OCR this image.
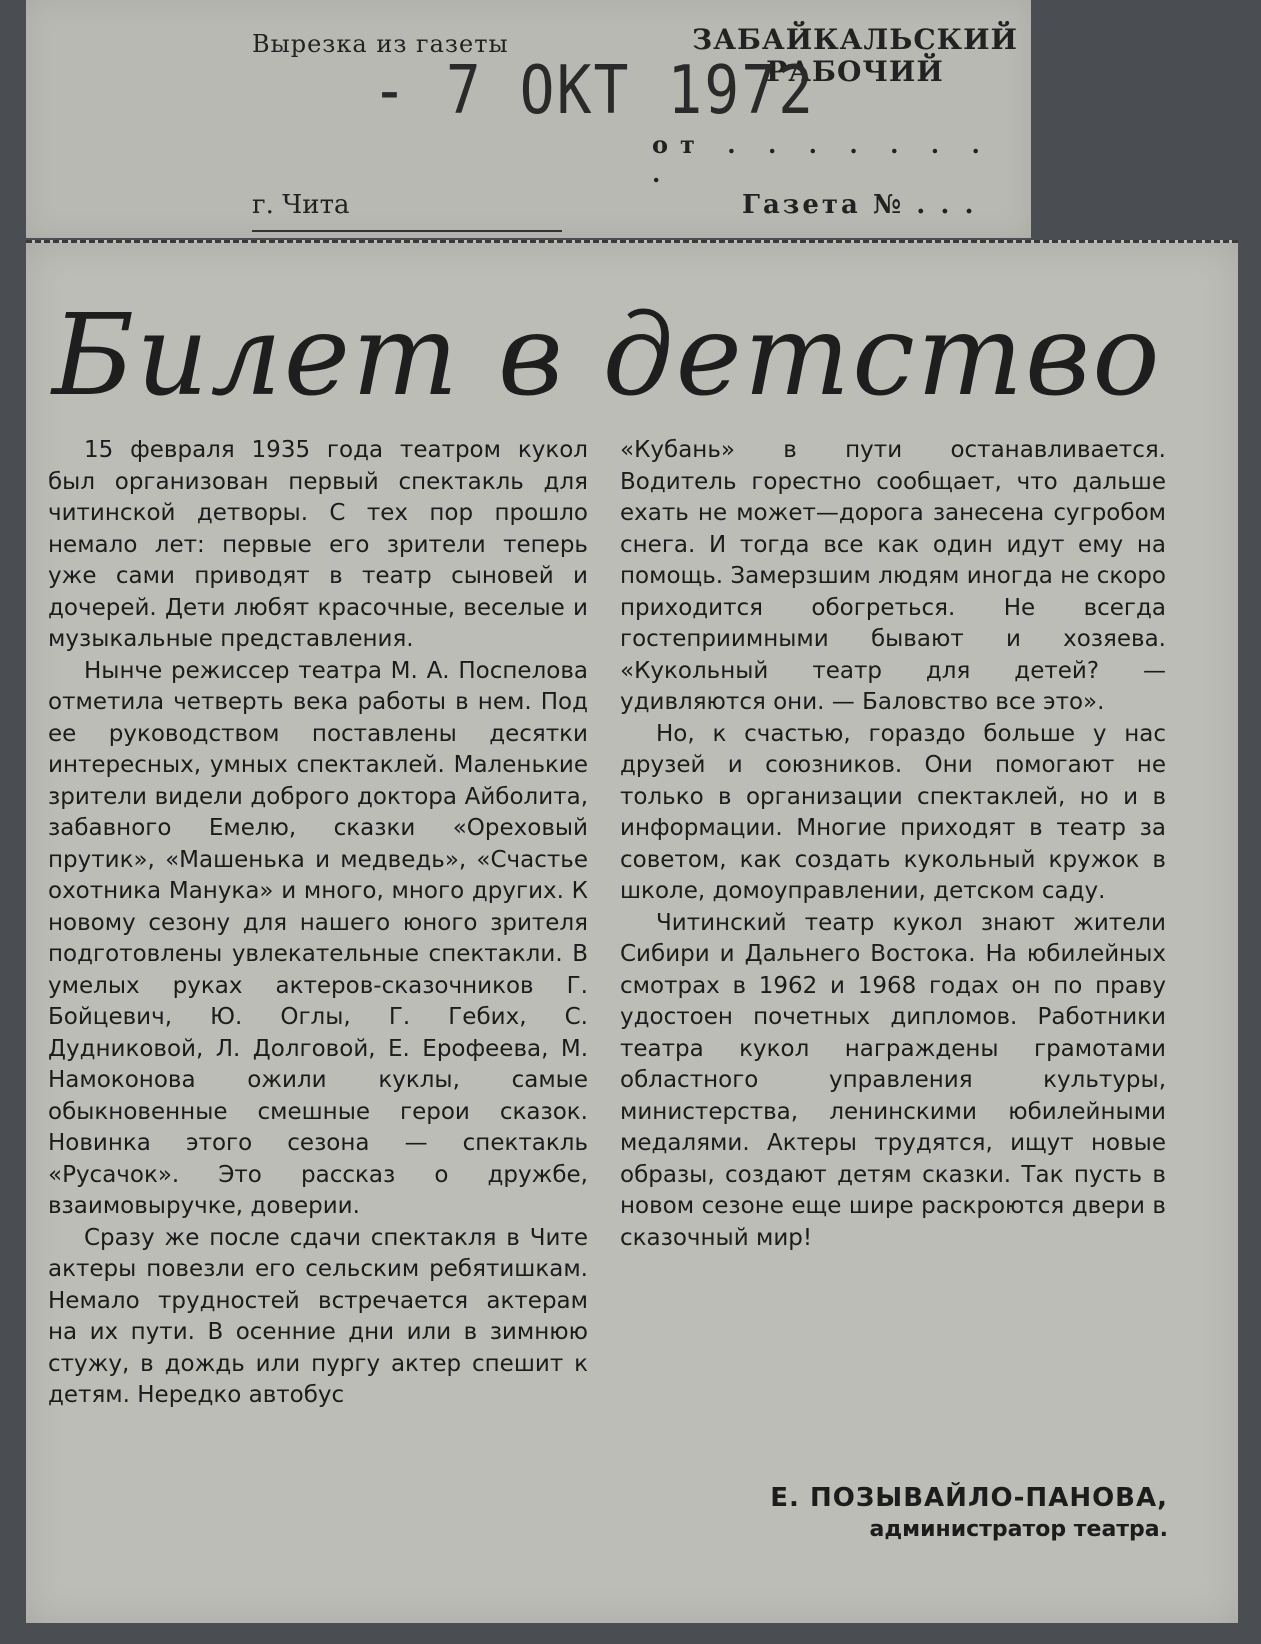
Вырезка из газеты	ЗАБАЙКАЛЬСКИЙ
РАБОЧИЙ
- 7 ОКТ 1972
от . . . . . . . .
г. Чита	Газета № . . .
Билет в детство

15 февраля 1935 года театром кукол был организован первый спектакль для читинской детворы. С тех пор прошло немало лет: первые его зрители теперь уже сами приводят в театр сыновей и дочерей. Дети любят красочные, веселые и музыкальные представления.

Нынче режиссер театра М. А. Поспелова отметила четверть века работы в нем. Под ее руководством поставлены десятки интересных, умных спектаклей. Маленькие зрители видели доброго доктора Айболита, забавного Емелю, сказки «Ореховый прутик», «Машенька и медведь», «Счастье охотника Манука» и много, много других. К новому сезону для нашего юного зрителя подготовлены увлекательные спектакли. В умелых руках актеров-сказочников Г. Бойцевич, Ю. Оглы, Г. Гебих, С. Дудниковой, Л. Долговой, Е. Ерофеева, М. Намоконова ожили куклы, самые обыкновенные смешные герои сказок. Новинка этого сезона — спектакль «Русачок». Это рассказ о дружбе, взаимовыручке, доверии.

Сразу же после сдачи спектакля в Чите актеры повезли его сельским ребятишкам. Немало трудностей встречается актерам на их пути. В осенние дни или в зимнюю стужу, в дождь или пургу актер спешит к детям. Нередко автобус

«Кубань» в пути останавливается. Водитель горестно сообщает, что дальше ехать не может—дорога занесена сугробом снега. И тогда все как один идут ему на помощь. Замерзшим людям иногда не скоро приходится обогреться. Не всегда гостеприимными бывают и хозяева. «Кукольный театр для детей? — удивляются они. — Баловство все это».

Но, к счастью, гораздо больше у нас друзей и союзников. Они помогают не только в организации спектаклей, но и в информации. Многие приходят в театр за советом, как создать кукольный кружок в школе, домоуправлении, детском саду.

Читинский театр кукол знают жители Сибири и Дальнего Востока. На юбилейных смотрах в 1962 и 1968 годах он по праву удостоен почетных дипломов. Работники театра кукол награждены грамотами областного управления культуры, министерства, ленинскими юбилейными медалями. Актеры трудятся, ищут новые образы, создают детям сказки. Так пусть в новом сезоне еще шире раскроются двери в сказочный мир!

Е. ПОЗЫВАЙЛО-ПАНОВА,
администратор театра.
